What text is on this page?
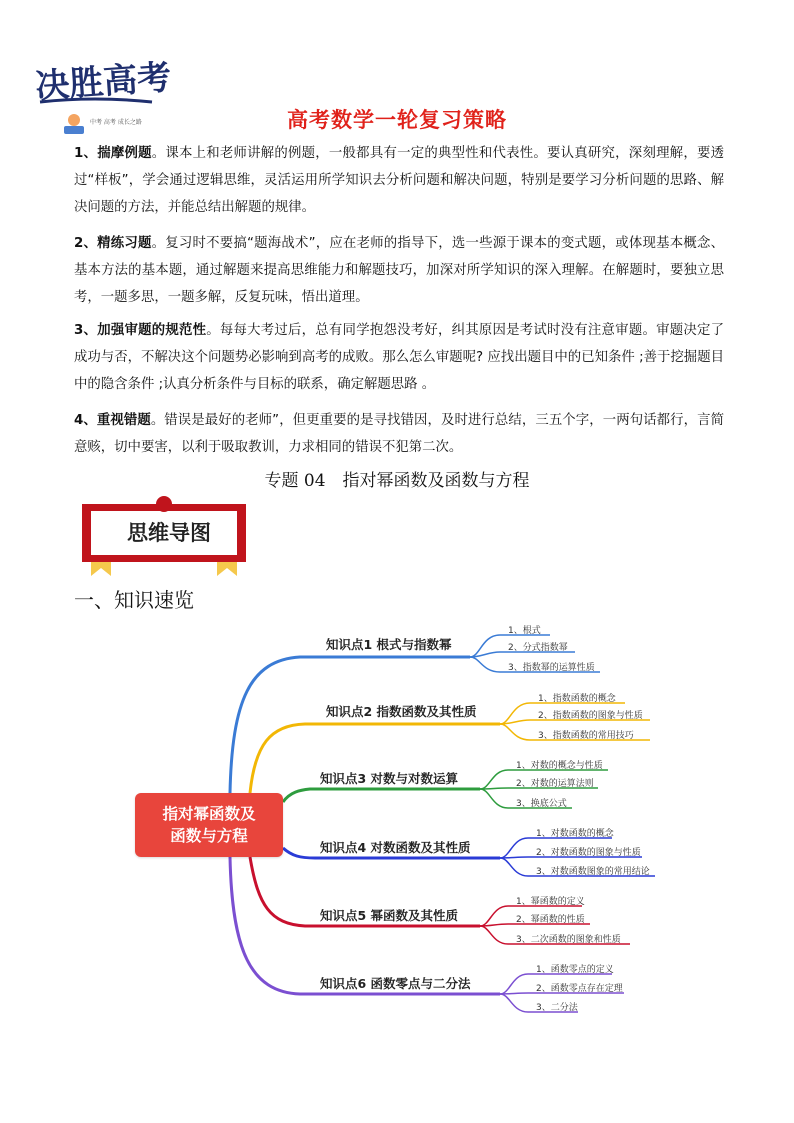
决胜高考
中考 高考 成长之路	高考数学一轮复习策略
1、揣摩例题。课本上和老师讲解的例题，一般都具有一定的典型性和代表性。要认真研究，深刻理解，要透过“样板”，学会通过逻辑思维，灵活运用所学知识去分析问题和解决问题，特别是要学习分析问题的思路、解决问题的方法，并能总结出解题的规律。
2、精练习题。复习时不要搞“题海战术”，应在老师的指导下，选一些源于课本的变式题，或体现基本概念、基本方法的基本题，通过解题来提高思维能力和解题技巧，加深对所学知识的深入理解。在解题时，要独立思考，一题多思，一题多解，反复玩味，悟出道理。
3、加强审题的规范性。每每大考过后，总有同学抱怨没考好，纠其原因是考试时没有注意审题。审题决定了成功与否，不解决这个问题势必影响到高考的成败。那么怎么审题呢? 应找出题目中的已知条件 ;善于挖掘题目中的隐含条件 ;认真分析条件与目标的联系，确定解题思路 。
4、重视错题。错误是最好的老师”，但更重要的是寻找错因，及时进行总结，三五个字，一两句话都行，言简意赅，切中要害，以利于吸取教训，力求相同的错误不犯第二次。
专题 04　指对幂函数及函数与方程
思维导图
一、知识速览
指对幂函数及
函数与方程
知识点1 根式与指数幂
知识点2 指数函数及其性质
知识点3 对数与对数运算
知识点4 对数函数及其性质
知识点5 幂函数及其性质
知识点6 函数零点与二分法
1、根式
2、分式指数幂
3、指数幂的运算性质
1、指数函数的概念
2、指数函数的图象与性质
3、指数函数的常用技巧
1、对数的概念与性质
2、对数的运算法则
3、换底公式
1、对数函数的概念
2、对数函数的图象与性质
3、对数函数图象的常用结论
1、幂函数的定义
2、幂函数的性质
3、二次函数的图象和性质
1、函数零点的定义
2、函数零点存在定理
3、二分法
